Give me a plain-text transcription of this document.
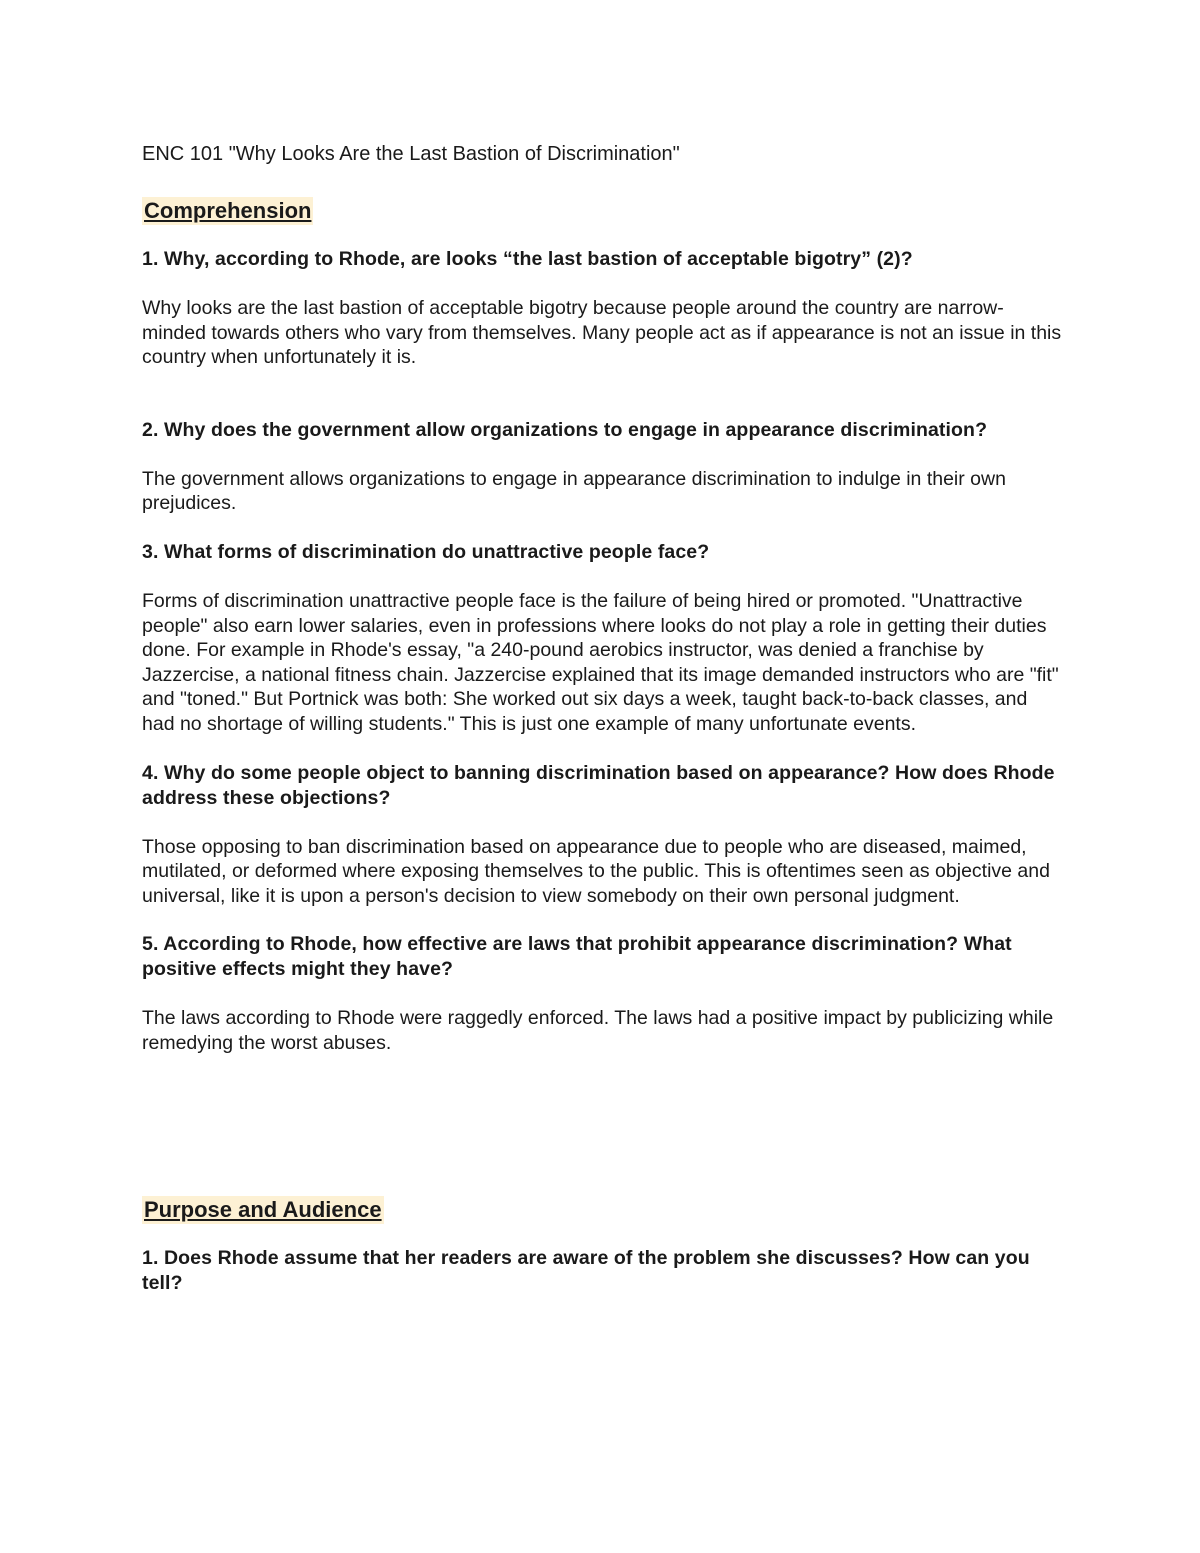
ENC 101 "Why Looks Are the Last Bastion of Discrimination"

Comprehension

1. Why, according to Rhode, are looks “the last bastion of acceptable bigotry” (2)?

Why looks are the last bastion of acceptable bigotry because people around the country are narrow-minded towards others who vary from themselves. Many people act as if appearance is not an issue in this country when unfortunately it is.

2. Why does the government allow organizations to engage in appearance discrimination?

The government allows organizations to engage in appearance discrimination to indulge in their own prejudices.

3. What forms of discrimination do unattractive people face?

Forms of discrimination unattractive people face is the failure of being hired or promoted. "Unattractive people" also earn lower salaries, even in professions where looks do not play a role in getting their duties done. For example in Rhode's essay, "a 240-pound aerobics instructor, was denied a franchise by Jazzercise, a national fitness chain. Jazzercise explained that its image demanded instructors who are "fit" and "toned." But Portnick was both: She worked out six days a week, taught back-to-back classes, and had no shortage of willing students." This is just one example of many unfortunate events.

4. Why do some people object to banning discrimination based on appearance? How does Rhode address these objections?

Those opposing to ban discrimination based on appearance due to people who are diseased, maimed, mutilated, or deformed where exposing themselves to the public. This is oftentimes seen as objective and universal, like it is upon a person's decision to view somebody on their own personal judgment.

5. According to Rhode, how effective are laws that prohibit appearance discrimination? What positive effects might they have?

The laws according to Rhode were raggedly enforced. The laws had a positive impact by publicizing while remedying the worst abuses.

Purpose and Audience

1. Does Rhode assume that her readers are aware of the problem she discusses? How can you tell?
